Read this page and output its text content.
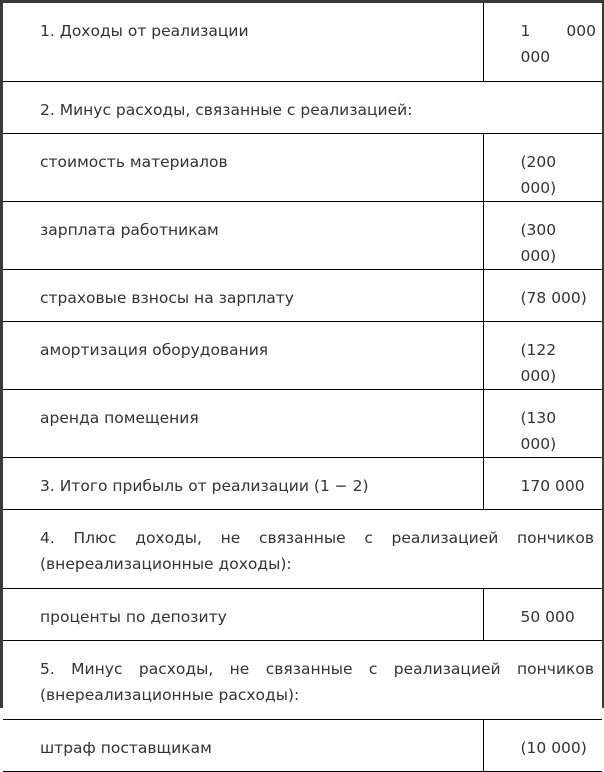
1. Доходы от реализации	1 000 000

2. Минус расходы, связанные с реализацией:	
стоимость материалов	(200 000)
зарплата работникам	(300 000)
страховые взносы на зарплату	(78 000)
амортизация оборудования	(122 000)
аренда помещения	(130 000)
3. Итого прибыль от реализации (1 − 2)	170 000
4. Плюс доходы, не связанные с реализацией пончиков (внереализационные доходы):	
проценты по депозиту	50 000
5. Минус расходы, не связанные с реализацией пончиков (внереализационные расходы):	
штраф поставщикам	(10 000)
